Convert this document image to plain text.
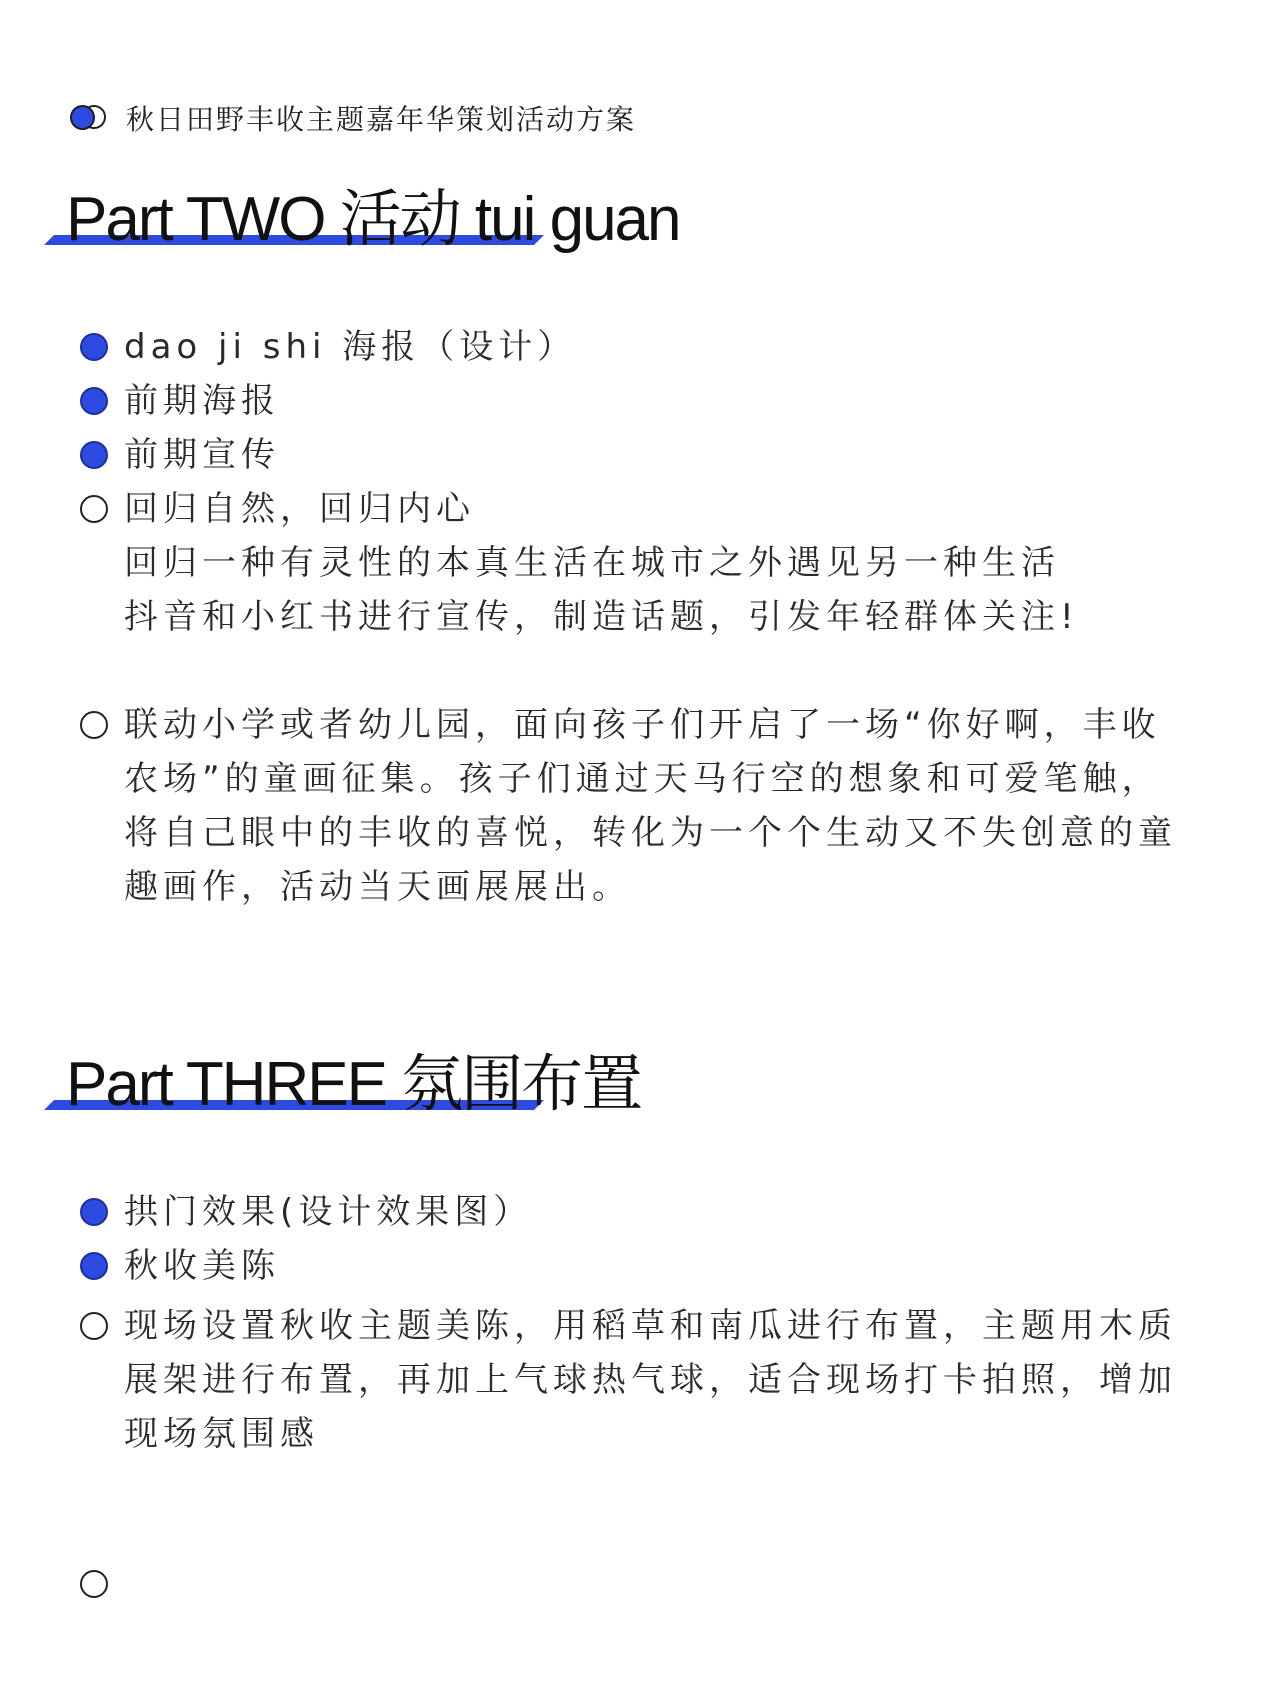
秋日田野丰收主题嘉年华策划活动方案
Part TWO 活动 tui guan
dao ji shi 海报（设计）
前期海报
前期宣传
回归自然，回归内心
回归一种有灵性的本真生活在城市之外遇见另一种生活
抖音和小红书进行宣传，制造话题，引发年轻群体关注!
联动小学或者幼儿园，面向孩子们开启了一场“你好啊，丰收
农场”的童画征集。孩子们通过天马行空的想象和可爱笔触，
将自己眼中的丰收的喜悦，转化为一个个生动又不失创意的童
趣画作，活动当天画展展出。
Part THREE 氛围布置
拱门效果(设计效果图）
秋收美陈
现场设置秋收主题美陈，用稻草和南瓜进行布置，主题用木质
展架进行布置，再加上气球热气球，适合现场打卡拍照，增加
现场氛围感
